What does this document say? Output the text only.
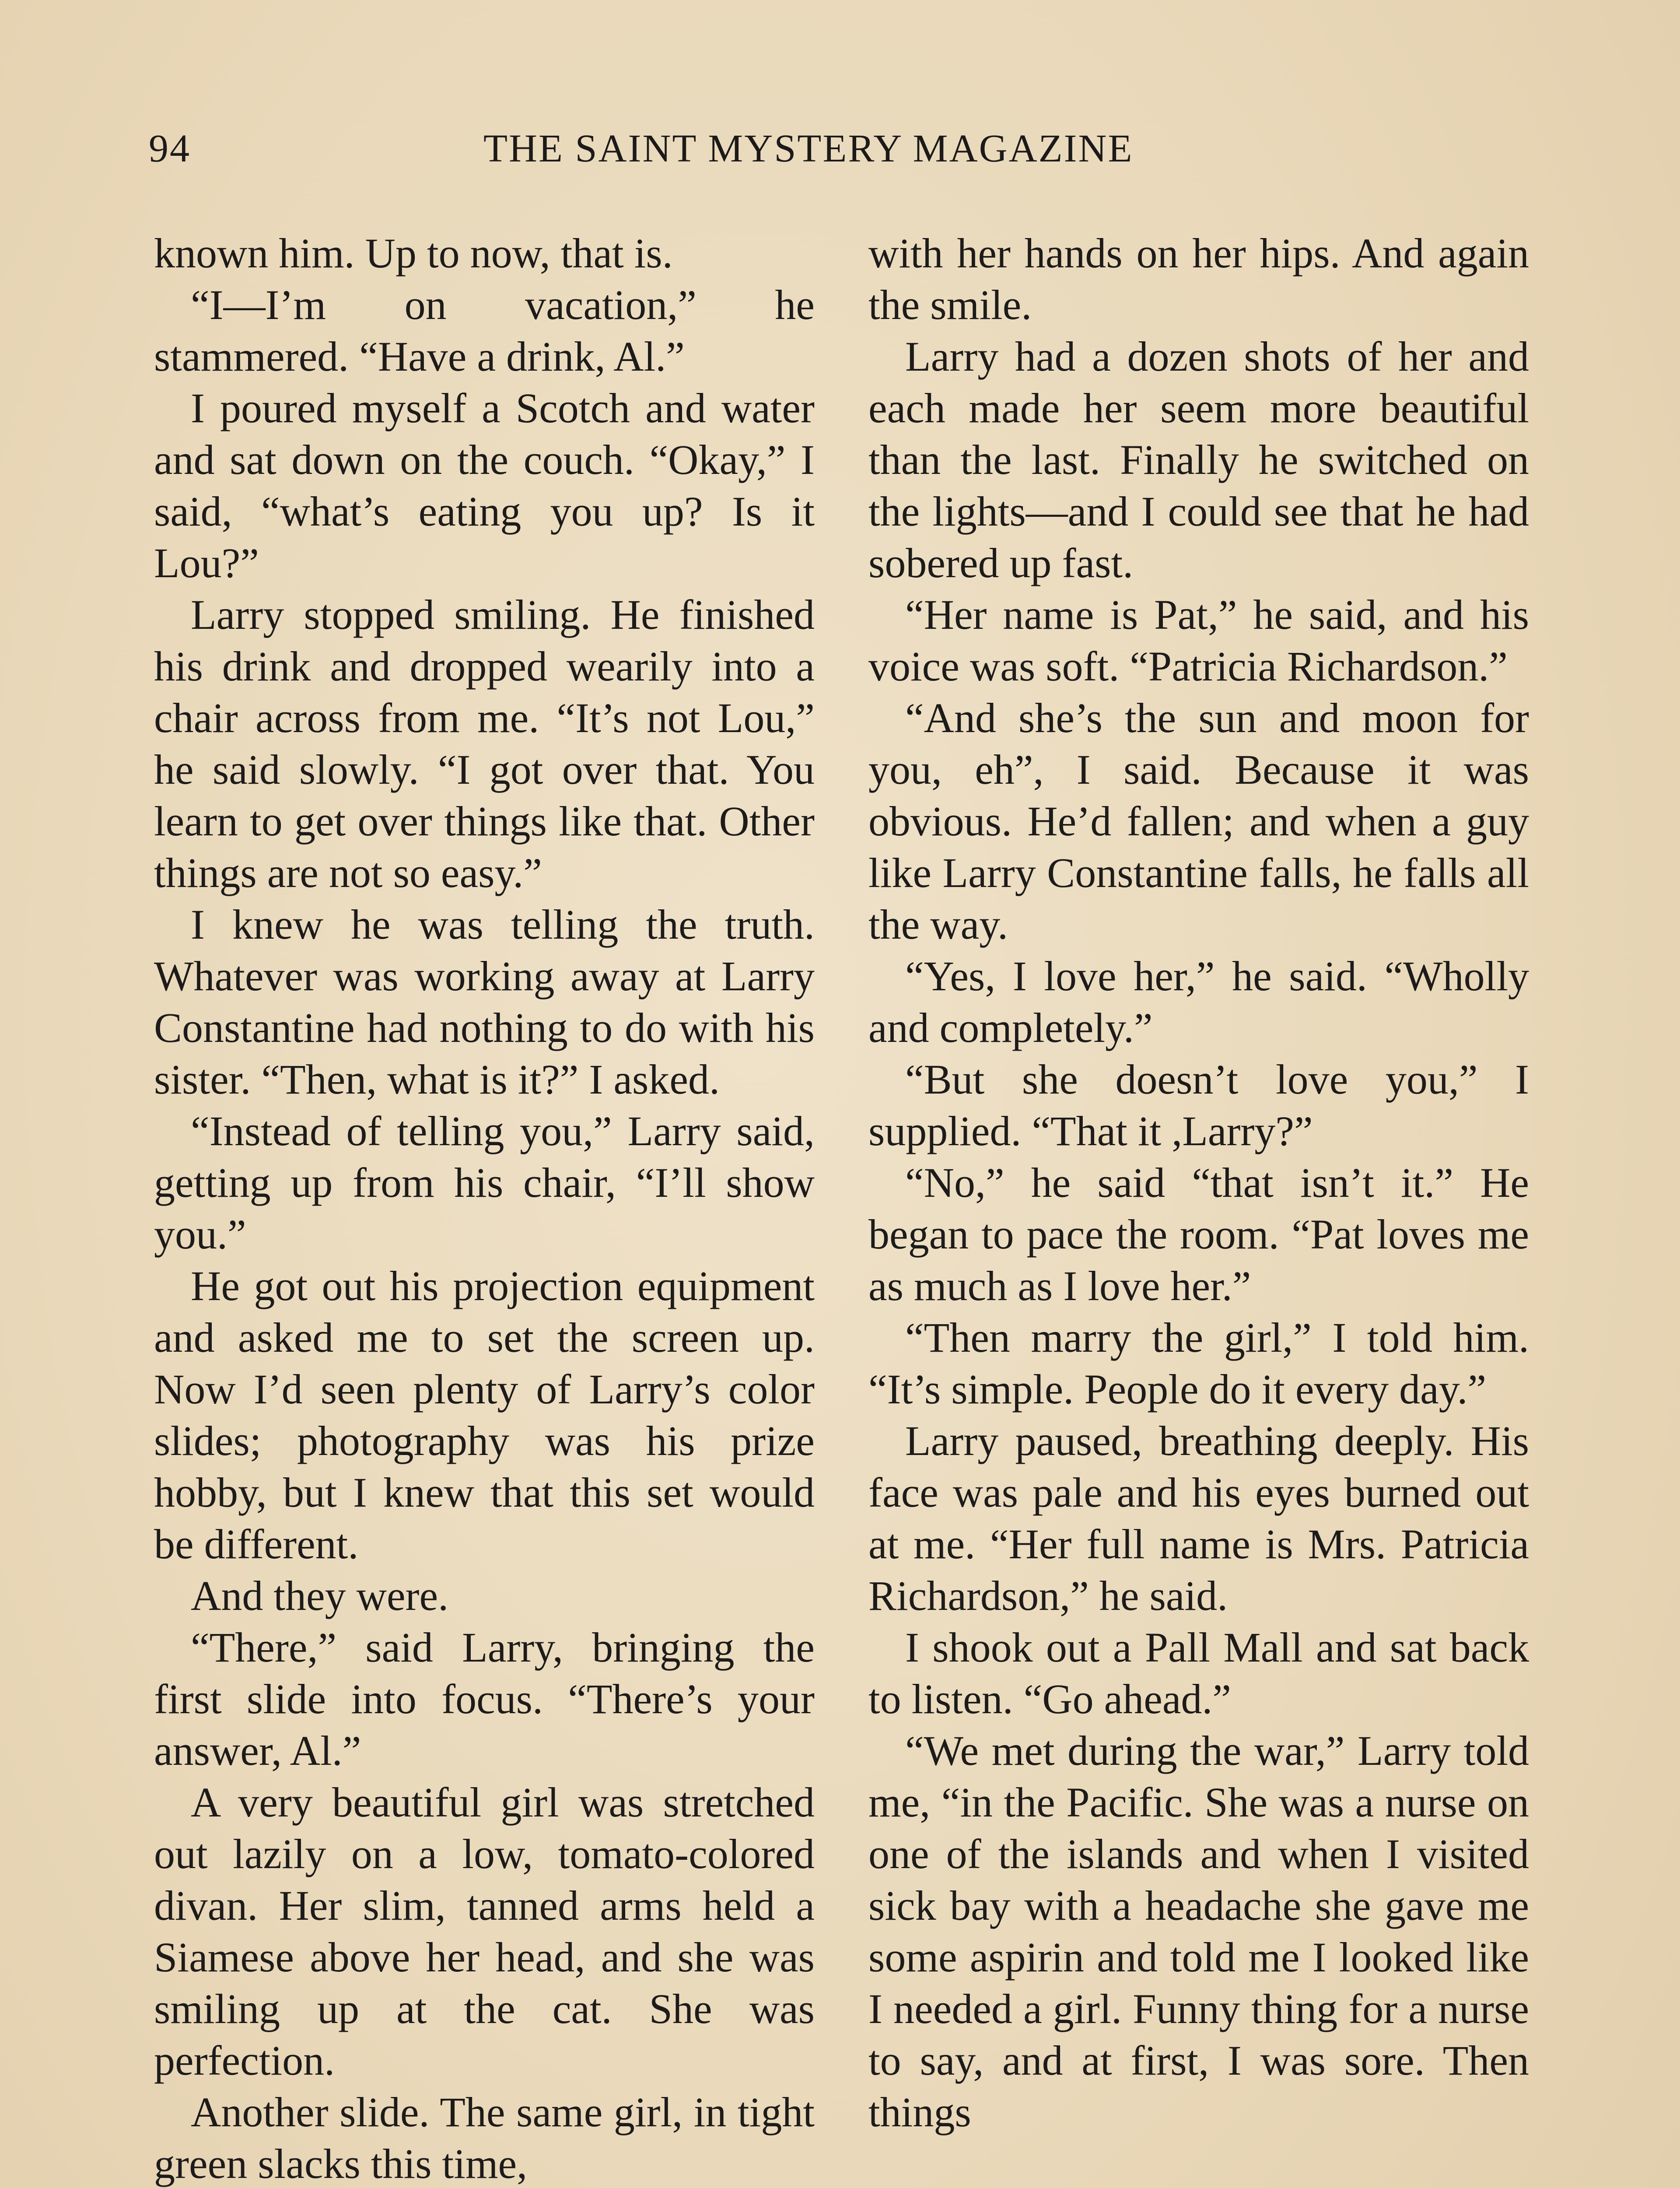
94	THE SAINT MYSTERY MAGAZINE

known him. Up to now, that is.

“I—I’m on vacation,” he stammered. “Have a drink, Al.”

I poured myself a Scotch and water and sat down on the couch. “Okay,” I said, “what’s eating you up? Is it Lou?”

Larry stopped smiling. He finished his drink and dropped wearily into a chair across from me. “It’s not Lou,” he said slowly. “I got over that. You learn to get over things like that. Other things are not so easy.”

I knew he was telling the truth. Whatever was working away at Larry Constantine had nothing to do with his sister. “Then, what is it?” I asked.

“Instead of telling you,” Larry said, getting up from his chair, “I’ll show you.”

He got out his projection equipment and asked me to set the screen up. Now I’d seen plenty of Larry’s color slides; photography was his prize hobby, but I knew that this set would be different.

And they were.

“There,” said Larry, bringing the first slide into focus. “There’s your answer, Al.”

A very beautiful girl was stretched out lazily on a low, tomato-colored divan. Her slim, tanned arms held a Siamese above her head, and she was smiling up at the cat. She was perfection.

Another slide. The same girl, in tight green slacks this time,

with her hands on her hips. And again the smile.

Larry had a dozen shots of her and each made her seem more beautiful than the last. Finally he switched on the lights—and I could see that he had sobered up fast.

“Her name is Pat,” he said, and his voice was soft. “Patricia Richardson.”

“And she’s the sun and moon for you, eh”, I said. Because it was obvious. He’d fallen; and when a guy like Larry Constantine falls, he falls all the way.

“Yes, I love her,” he said. “Wholly and completely.”

“But she doesn’t love you,” I supplied. “That it ,Larry?”

“No,” he said “that isn’t it.” He began to pace the room. “Pat loves me as much as I love her.”

“Then marry the girl,” I told him. “It’s simple. People do it every day.”

Larry paused, breathing deeply. His face was pale and his eyes burned out at me. “Her full name is Mrs. Patricia Richardson,” he said.

I shook out a Pall Mall and sat back to listen. “Go ahead.”

“We met during the war,” Larry told me, “in the Pacific. She was a nurse on one of the islands and when I visited sick bay with a headache she gave me some aspirin and told me I looked like I needed a girl. Funny thing for a nurse to say, and at first, I was sore. Then things
